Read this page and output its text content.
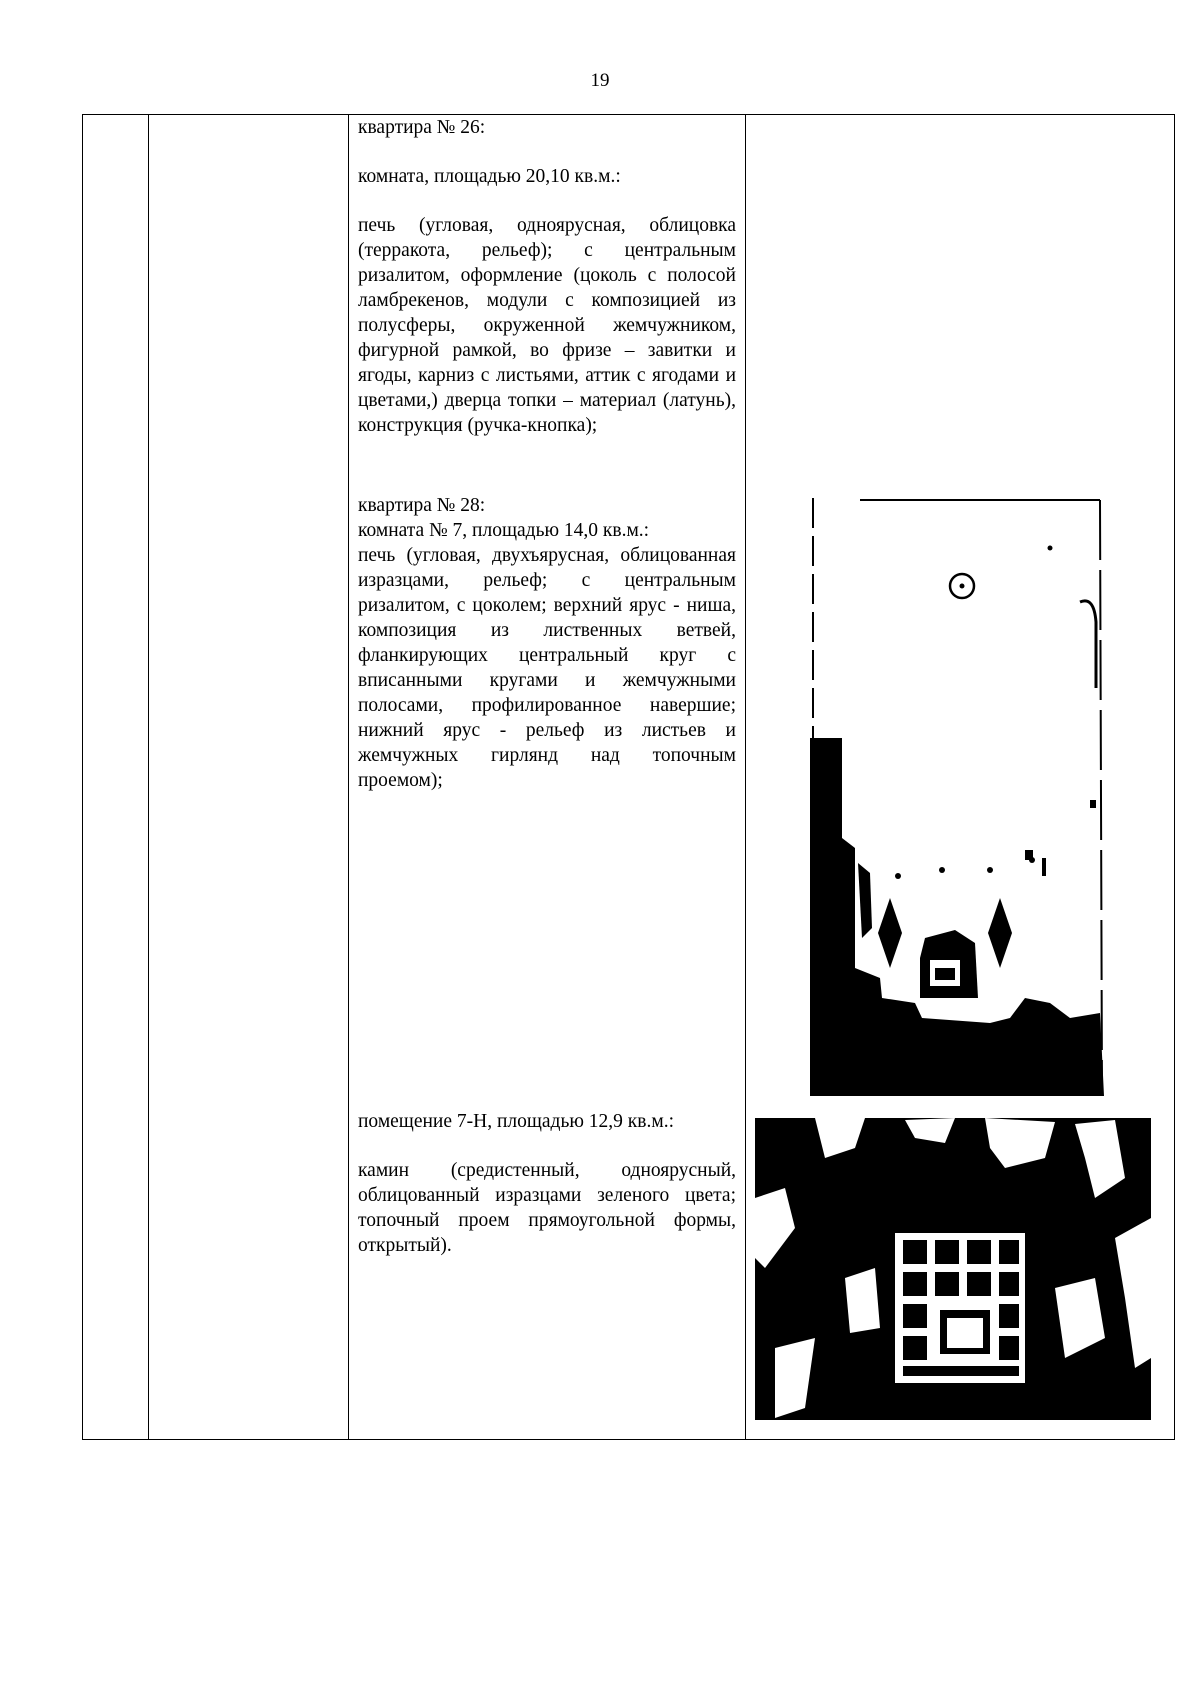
19

квартира № 26:

комната, площадью 20,10 кв.м.:

печь (угловая, одноярусная, облицовка (терракота, рельеф); с центральным ризалитом, оформление (цоколь с полосой ламбрекенов, модули с композицией из полусферы, окруженной жемчужником, фигурной рамкой, во фризе – завитки и ягоды, карниз с листьями, аттик с ягодами и цветами,) дверца топки – материал (латунь), конструкция (ручка-кнопка);

квартира № 28:

комната № 7, площадью 14,0 кв.м.:

печь (угловая, двухъярусная, облицованная изразцами, рельеф; с центральным ризалитом, с цоколем; верхний ярус - ниша, композиция из лиственных ветвей, фланкирующих центральный круг с вписанными кругами и жемчужными полосами, профилированное навершие; нижний ярус - рельеф из листьев и жемчужных гирлянд над топочным проемом);

помещение 7-Н, площадью 12,9 кв.м.:

камин (средистенный, одноярусный, облицованный изразцами зеленого цвета; топочный проем прямоугольной формы, открытый).
